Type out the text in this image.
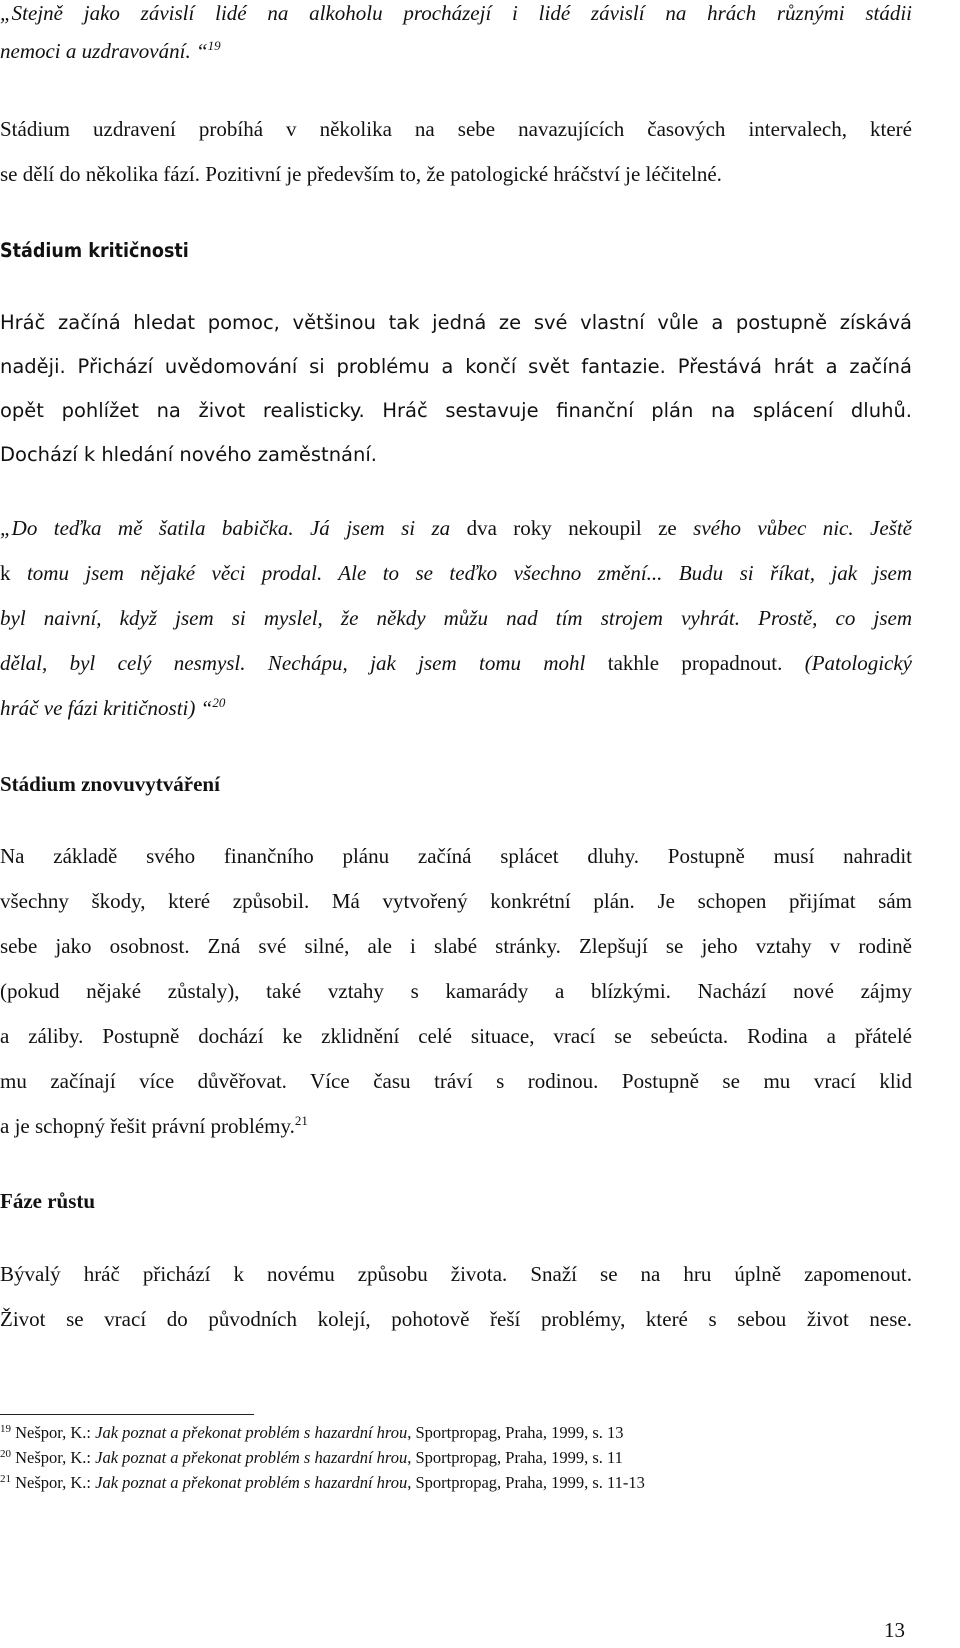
„Stejně jako závislí lidé na alkoholu procházejí i lidé závislí na hrách různými stádii
nemoci a uzdravování. “$^{19}$
Stádium uzdravení probíhá v několika na sebe navazujících časových intervalech, které
se dělí do několika fází. Pozitivní je především to, že patologické hráčství je léčitelné.
Stádium kritičnosti
Hráč začíná hledat pomoc, většinou tak jedná ze své vlastní vůle a postupně získává
naději. Přichází uvědomování si problému a končí svět fantazie. Přestává hrát a začíná
opět pohlížet na život realisticky. Hráč sestavuje finanční plán na splácení dluhů.
Dochází k hledání nového zaměstnání.
„Do teďka mě šatila babička. Já jsem si za dva roky nekoupil ze svého vůbec nic. Ještě
k tomu jsem nějaké věci prodal. Ale to se teďko všechno změní... Budu si říkat, jak jsem
byl naivní, když jsem si myslel, že někdy můžu nad tím strojem vyhrát. Prostě, co jsem
dělal, byl celý nesmysl. Nechápu, jak jsem tomu mohl takhle propadnout. (Patologický
hráč ve fázi kritičnosti) “$^{20}$
Stádium znovuvytváření
Na základě svého finančního plánu začíná splácet dluhy. Postupně musí nahradit
všechny škody, které způsobil. Má vytvořený konkrétní plán. Je schopen přijímat sám
sebe jako osobnost. Zná své silné, ale i slabé stránky. Zlepšují se jeho vztahy v rodině
(pokud nějaké zůstaly), také vztahy s kamarády a blízkými. Nachází nové zájmy
a záliby. Postupně dochází ke zklidnění celé situace, vrací se sebeúcta. Rodina a přátelé
mu začínají více důvěřovat. Více času tráví s rodinou. Postupně se mu vrací klid
a je schopný řešit právní problémy.$^{21}$
Fáze růstu
Bývalý hráč přichází k novému způsobu života. Snaží se na hru úplně zapomenout.
Život se vrací do původních kolejí, pohotově řeší problémy, které s sebou život nese.
$^{19}$ Nešpor, K.: Jak poznat a překonat problém s hazardní hrou, Sportpropag, Praha, 1999, s. 13
$^{20}$ Nešpor, K.: Jak poznat a překonat problém s hazardní hrou, Sportpropag, Praha, 1999, s. 11
$^{21}$ Nešpor, K.: Jak poznat a překonat problém s hazardní hrou, Sportpropag, Praha, 1999, s. 11-13
13
